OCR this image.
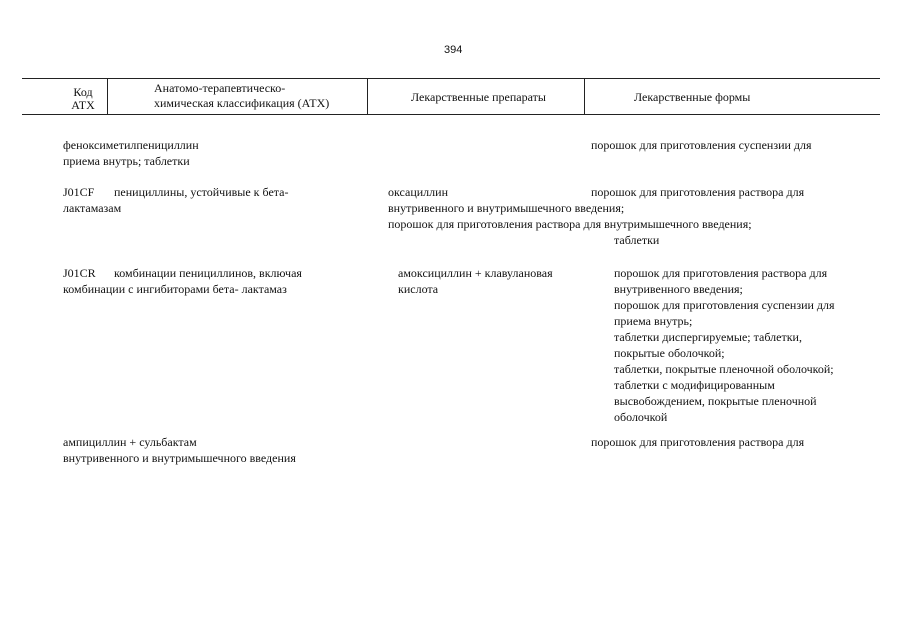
394
Код
АТХ
Анатомо-терапевтическо-
химическая классификация (АТХ)	Лекарственные препараты	Лекарственные формы
феноксиметилпенициллин
приема внутрь; таблетки
порошок для приготовления суспензии для
J01CF пенициллины, устойчивые к бета-
лактамазам
оксациллин
внутривенного и внутримышечного введения;
порошок для приготовления раствора для внутримышечного введения;
порошок для приготовления раствора для
таблетки
J01CR комбинации пенициллинов, включая
комбинации с ингибиторами бета- лактамаз
амоксициллин + клавулановая
кислота
порошок для приготовления раствора для
внутривенного введения;
порошок для приготовления суспензии для
приема внутрь;
таблетки диспергируемые; таблетки,
покрытые оболочкой;
таблетки, покрытые пленочной оболочкой;
таблетки с модифицированным
высвобождением, покрытые пленочной
оболочкой
ампициллин + сульбактам
внутривенного и внутримышечного введения
порошок для приготовления раствора для
